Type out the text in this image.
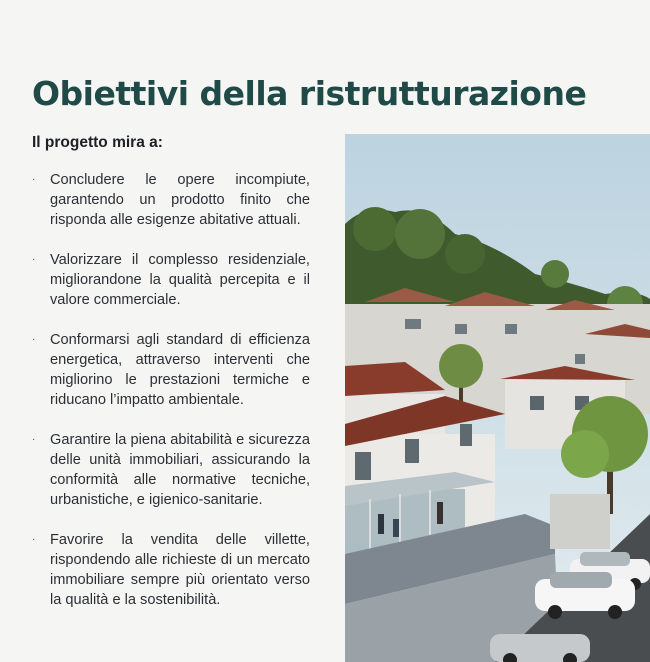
Obiettivi della ristrutturazione
Il progetto mira a:
· Concludere le opere incompiute, garantendo un prodotto finito che risponda alle esigenze abitative attuali.
· Valorizzare il complesso residenziale, migliorandone la qualità percepita e il valore commerciale.
· Conformarsi agli standard di efficienza energetica, attraverso interventi che migliorino le prestazioni termiche e riducano l’impatto ambientale.
· Garantire la piena abitabilità e sicurezza delle unità immobiliari, assicurando la conformità alle normative tecniche, urbanistiche, e igienico-sanitarie.
· Favorire la vendita delle villette, rispondendo alle richieste di un mercato immobiliare sempre più orientato verso la qualità e la sostenibilità.
